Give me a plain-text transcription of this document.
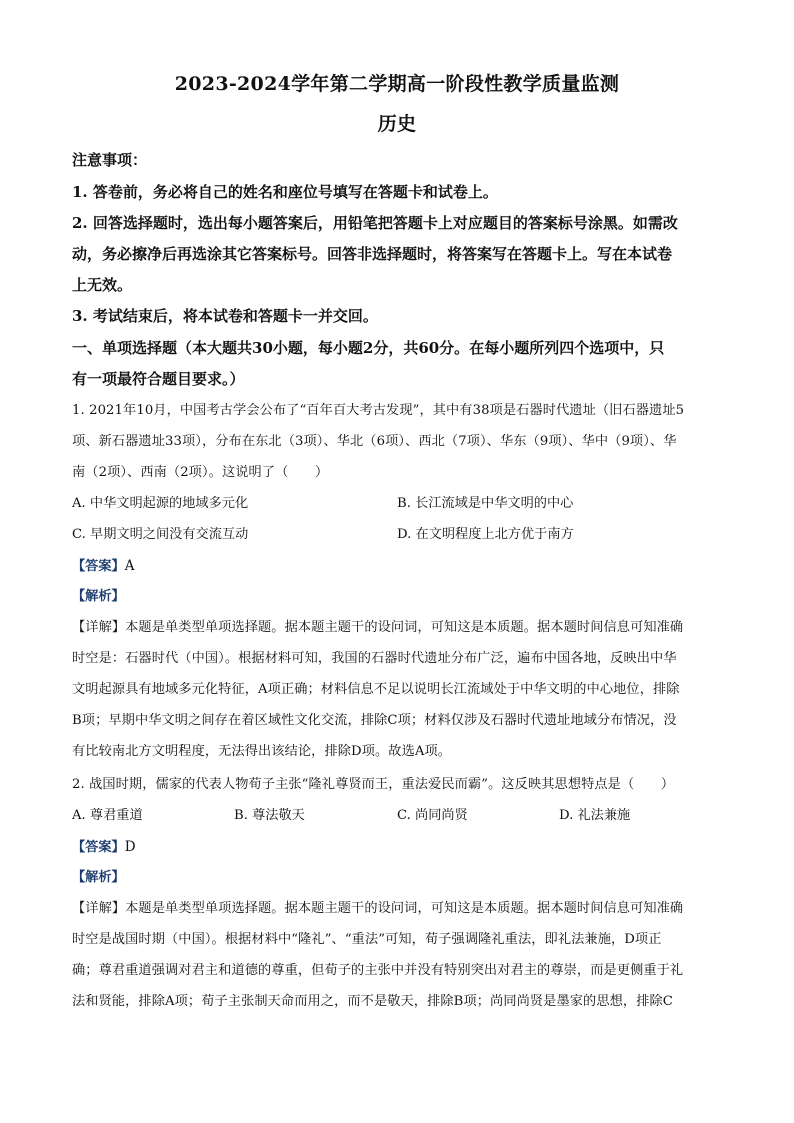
2023-2024学年第二学期高一阶段性教学质量监测
历史
注意事项：
1. 答卷前，务必将自己的姓名和座位号填写在答题卡和试卷上。
2. 回答选择题时，选出每小题答案后，用铅笔把答题卡上对应题目的答案标号涂黑。如需改
动，务必擦净后再选涂其它答案标号。回答非选择题时，将答案写在答题卡上。写在本试卷
上无效。
3. 考试结束后，将本试卷和答题卡一并交回。
一、单项选择题（本大题共30小题，每小题2分，共60分。在每小题所列四个选项中，只
有一项最符合题目要求。）
1. 2021年10月，中国考古学会公布了“百年百大考古发现”，其中有38项是石器时代遗址（旧石器遗址5
项、新石器遗址33项），分布在东北（3项）、华北（6项）、西北（7项）、华东（9项）、华中（9项）、华
南（2项）、西南（2项）。这说明了（　　）
A. 中华文明起源的地域多元化	B. 长江流域是中华文明的中心
C. 早期文明之间没有交流互动	D. 在文明程度上北方优于南方
【答案】A
【解析】
【详解】本题是单类型单项选择题。据本题主题干的设问词，可知这是本质题。据本题时间信息可知准确
时空是：石器时代（中国）。根据材料可知，我国的石器时代遗址分布广泛，遍布中国各地，反映出中华
文明起源具有地域多元化特征，A项正确；材料信息不足以说明长江流域处于中华文明的中心地位，排除
B项；早期中华文明之间存在着区域性文化交流，排除C项；材料仅涉及石器时代遗址地域分布情况，没
有比较南北方文明程度，无法得出该结论，排除D项。故选A项。
2. 战国时期，儒家的代表人物荀子主张“隆礼尊贤而王，重法爱民而霸”。这反映其思想特点是（　　）
A. 尊君重道	B. 尊法敬天	C. 尚同尚贤	D. 礼法兼施
【答案】D
【解析】
【详解】本题是单类型单项选择题。据本题主题干的设问词，可知这是本质题。据本题时间信息可知准确
时空是战国时期（中国）。根据材料中“隆礼”、“重法”可知，荀子强调隆礼重法，即礼法兼施，D项正
确；尊君重道强调对君主和道德的尊重，但荀子的主张中并没有特别突出对君主的尊崇，而是更侧重于礼
法和贤能，排除A项；荀子主张制天命而用之，而不是敬天，排除B项；尚同尚贤是墨家的思想，排除C
